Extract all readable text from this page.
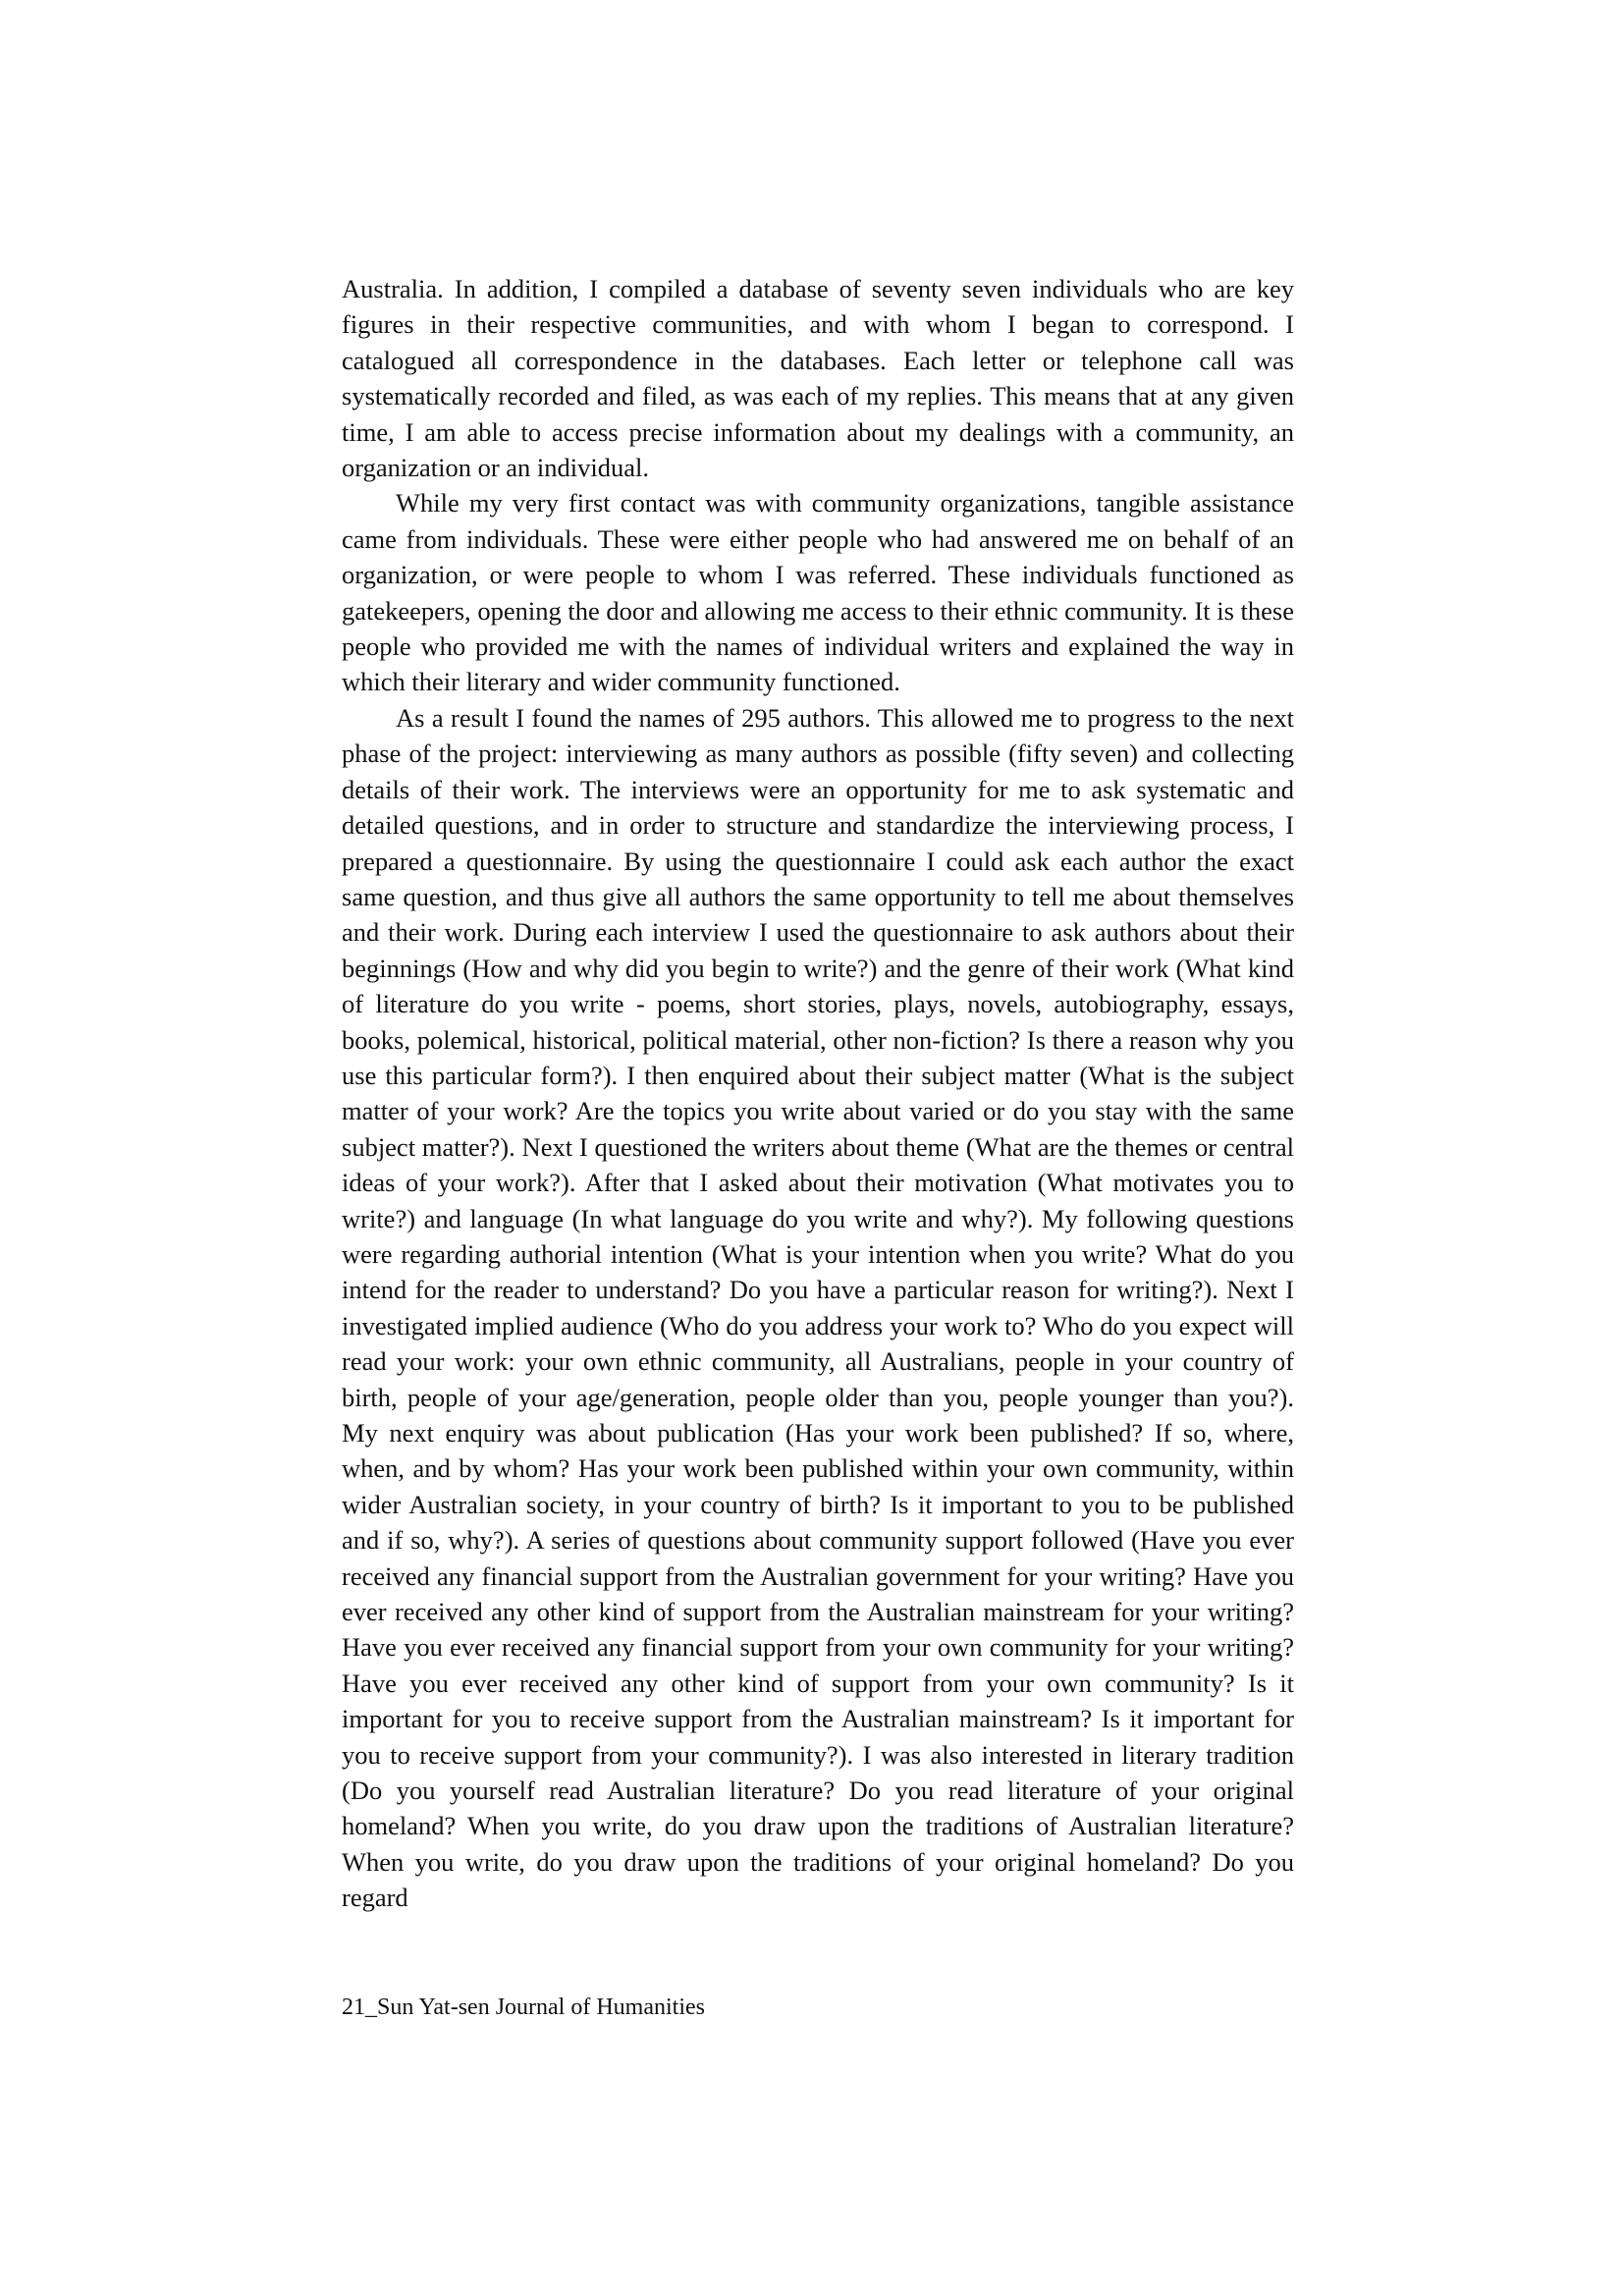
Australia. In addition, I compiled a database of seventy seven individuals who are key figures in their respective communities, and with whom I began to correspond. I catalogued all correspondence in the databases. Each letter or telephone call was systematically recorded and filed, as was each of my replies. This means that at any given time, I am able to access precise information about my dealings with a community, an organization or an individual.

While my very first contact was with community organizations, tangible assistance came from individuals. These were either people who had answered me on behalf of an organization, or were people to whom I was referred. These individuals functioned as gatekeepers, opening the door and allowing me access to their ethnic community. It is these people who provided me with the names of individual writers and explained the way in which their literary and wider community functioned.

As a result I found the names of 295 authors. This allowed me to progress to the next phase of the project: interviewing as many authors as possible (fifty seven) and collecting details of their work. The interviews were an opportunity for me to ask systematic and detailed questions, and in order to structure and standardize the interviewing process, I prepared a questionnaire. By using the questionnaire I could ask each author the exact same question, and thus give all authors the same opportunity to tell me about themselves and their work. During each interview I used the questionnaire to ask authors about their beginnings (How and why did you begin to write?) and the genre of their work (What kind of literature do you write - poems, short stories, plays, novels, autobiography, essays, books, polemical, historical, political material, other non-fiction? Is there a reason why you use this particular form?). I then enquired about their subject matter (What is the subject matter of your work? Are the topics you write about varied or do you stay with the same subject matter?). Next I questioned the writers about theme (What are the themes or central ideas of your work?). After that I asked about their motivation (What motivates you to write?) and language (In what language do you write and why?). My following questions were regarding authorial intention (What is your intention when you write? What do you intend for the reader to understand? Do you have a particular reason for writing?). Next I investigated implied audience (Who do you address your work to? Who do you expect will read your work: your own ethnic community, all Australians, people in your country of birth, people of your age/generation, people older than you, people younger than you?). My next enquiry was about publication (Has your work been published? If so, where, when, and by whom? Has your work been published within your own community, within wider Australian society, in your country of birth? Is it important to you to be published and if so, why?). A series of questions about community support followed (Have you ever received any financial support from the Australian government for your writing? Have you ever received any other kind of support from the Australian mainstream for your writing? Have you ever received any financial support from your own community for your writing? Have you ever received any other kind of support from your own community? Is it important for you to receive support from the Australian mainstream? Is it important for you to receive support from your community?). I was also interested in literary tradition (Do you yourself read Australian literature? Do you read literature of your original homeland? When you write, do you draw upon the traditions of Australian literature? When you write, do you draw upon the traditions of your original homeland? Do you regard

21_Sun Yat-sen Journal of Humanities
